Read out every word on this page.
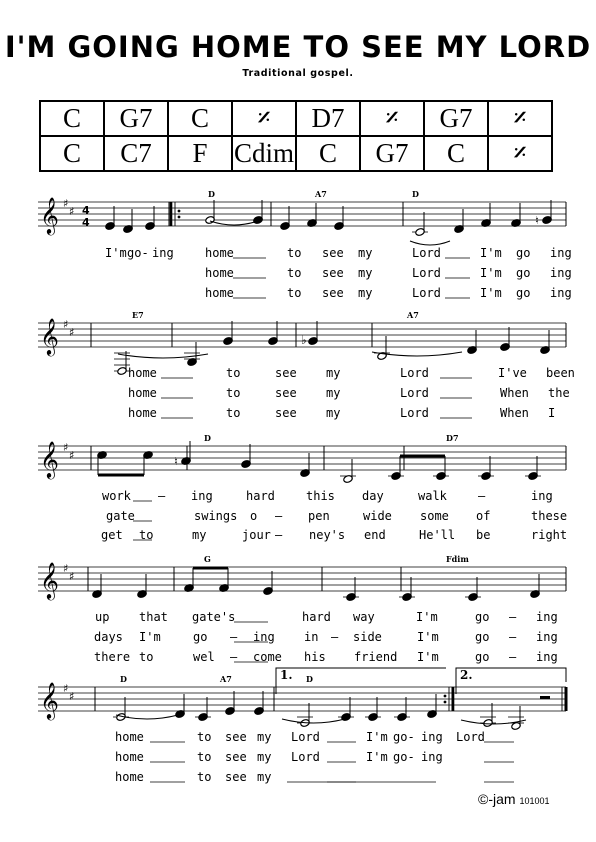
I'M GOING HOME TO SEE MY LORD
Traditional gospel.
C	G7	C	𝄎	D7	𝄎	G7	𝄎
C	C7	F	Cdim	C	G7	C	𝄎
𝄞 4
4
♯
♯
D	A7	D
♮
I'm go- ing	home	to see my	Lord	I'm go ing
home	to see my	Lord	I'm go ing
home	to see my	Lord	I'm go ing
𝄞 ♯
♯
E7	A7
♭
home	to	see my	Lord	I've been
home	to	see my	Lord	When the
home	to	see my	Lord	When I
𝄞 ♯
♯
D	D7
♮
work – ing	hard	this day	walk	–	ing
gate	swings o – pen	wide some of	these
get to	my	jour – ney's end	He'll be	right
𝄞 ♯
♯
G	Fdim
up that gate's	hard way	I'm	go – ing
days I'm	go – ing in – side	I'm	go – ing
there to	wel – come his friend I'm	go – ing
𝄞 ♯
♯
1.	2.
D	A7	D
home	to see my Lord	I'm go- ing Lord
home	to see my Lord	I'm go- ing
home	to see my
©-jam 101001
